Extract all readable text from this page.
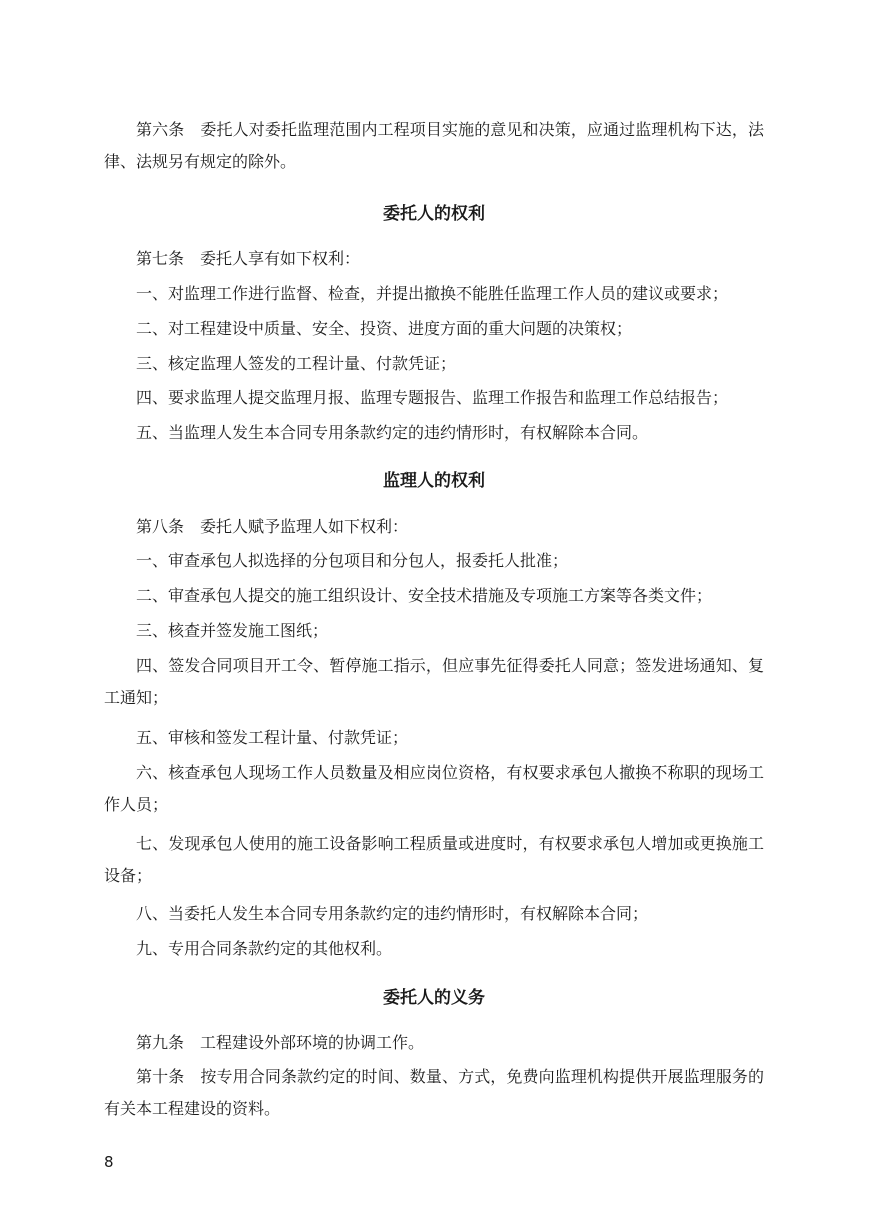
第六条　委托人对委托监理范围内工程项目实施的意见和决策，应通过监理机构下达，法律、法规另有规定的除外。

委托人的权利

第七条　委托人享有如下权利：

一、对监理工作进行监督、检查，并提出撤换不能胜任监理工作人员的建议或要求；

二、对工程建设中质量、安全、投资、进度方面的重大问题的决策权；

三、核定监理人签发的工程计量、付款凭证；

四、要求监理人提交监理月报、监理专题报告、监理工作报告和监理工作总结报告；

五、当监理人发生本合同专用条款约定的违约情形时，有权解除本合同。

监理人的权利

第八条　委托人赋予监理人如下权利：

一、审查承包人拟选择的分包项目和分包人，报委托人批准；

二、审查承包人提交的施工组织设计、安全技术措施及专项施工方案等各类文件；

三、核查并签发施工图纸；

四、签发合同项目开工令、暂停施工指示，但应事先征得委托人同意；签发进场通知、复工通知；

五、审核和签发工程计量、付款凭证；

六、核查承包人现场工作人员数量及相应岗位资格，有权要求承包人撤换不称职的现场工作人员；

七、发现承包人使用的施工设备影响工程质量或进度时，有权要求承包人增加或更换施工设备；

八、当委托人发生本合同专用条款约定的违约情形时，有权解除本合同；

九、专用合同条款约定的其他权利。

委托人的义务

第九条　工程建设外部环境的协调工作。

第十条　按专用合同条款约定的时间、数量、方式，免费向监理机构提供开展监理服务的有关本工程建设的资料。

8
